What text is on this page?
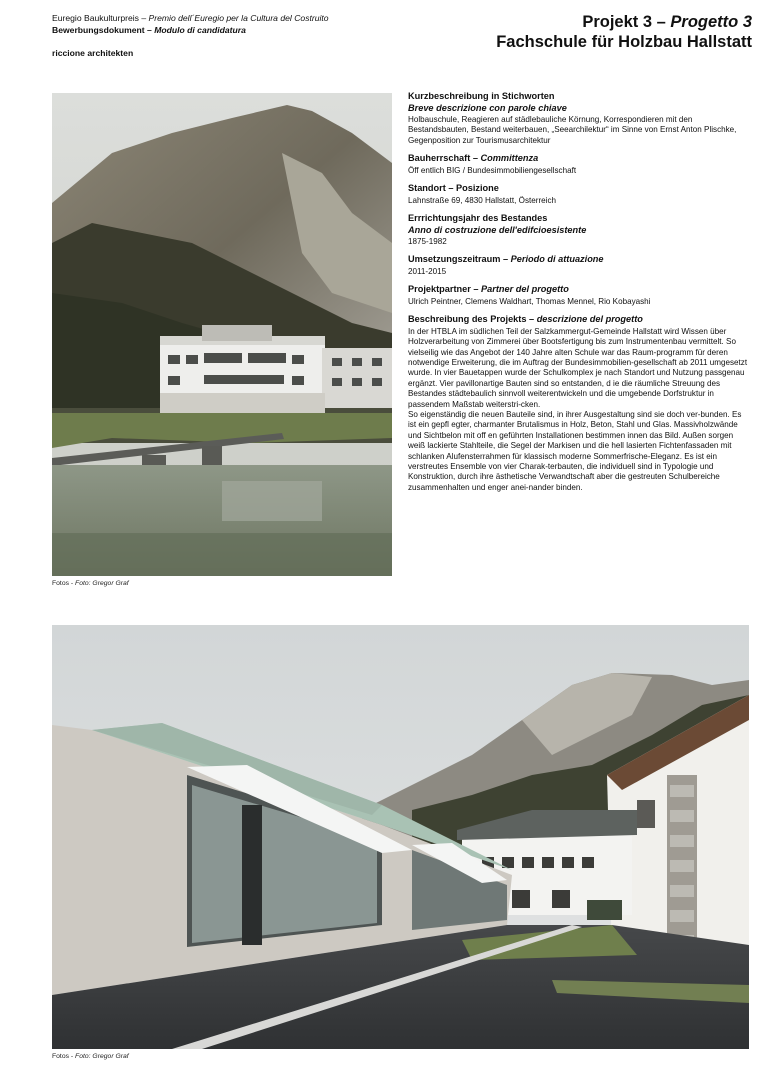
Euregio Baukulturpreis – Premio dell´Euregio per la Cultura del Costruito
Bewerbungsdokument – Modulo di candidatura
riccione architekten
Projekt 3 – Progetto 3
Fachschule für Holzbau Hallstatt
Fotos - Foto: Gregor Graf
Kurzbeschreibung in Stichworten
Breve descrizione con parole chiave
Holbauschule, Reagieren auf städlebauliche Körnung, Korrespondieren mit den Bestandsbauten, Bestand weiterbauen, „Seearchilektur“ im Sinne von Ernst Anton Plischke, Gegenposition zur Tourismusarchitektur
Bauherrschaft – Committenza
Öff entlich BIG / Bundesimmobiliengesellschaft
Standort – Posizione
Lahnstraße 69, 4830 Hallstatt, Österreich
Errrichtungsjahr des Bestandes
Anno di costruzione dell'edifcioesistente
1875-1982
Umsetzungszeitraum – Periodo di attuazione
2011-2015
Projektpartner – Partner del progetto
Ulrich Peintner, Clemens Waldhart, Thomas Mennel, Rio Kobayashi
Beschreibung des Projekts – descrizione del progetto

In der HTBLA im südlichen Teil der Salzkammergut-Gemeinde Hallstatt wird Wissen über Holzverarbeitung von Zimmerei über Bootsfertigung bis zum Instrumentenbau vermittelt. So vielseilig wie das Angebot der 140 Jahre alten Schule war das Raum-programm für deren notwendige Erweiterung, die im Auftrag der Bundesimmobilien-gesellschaft ab 2011 umgesetzt wurde. In vier Bauetappen wurde der Schulkomplex je nach Standort und Nutzung passgenau ergänzt. Vier pavillonartige Bauten sind so entstanden, d ie die räumliche Streuung des Bestandes städtebaulich sinnvoll weiterentwickeln und die umgebende Dorfstruktur in passendem Maßstab weiterstri-cken.

So eigenständig die neuen Bauteile sind, in ihrer Ausgestaltung sind sie doch ver-bunden. Es ist ein gepfl egter, charmanter Brutalismus in Holz, Beton, Stahl und Glas. Massivholzwände und Sichtbelon mit off en geführten Installationen bestimmen innen das Bild. Außen sorgen weiß lackierte Stahlteile, die Segel der Markisen und die hell lasierten Fichtenfassaden mit schlanken Alufensterrahmen für klassisch moderne Sommerfrische-Eleganz. Es ist ein verstreutes Ensemble von vier Charak-terbauten, die individuell sind in Typologie und Konstruktion, durch ihre ästhetische Verwandtschaft aber die gestreuten Schulbereiche zusammenhalten und enger anei-nander binden.

Fotos - Foto: Gregor Graf
